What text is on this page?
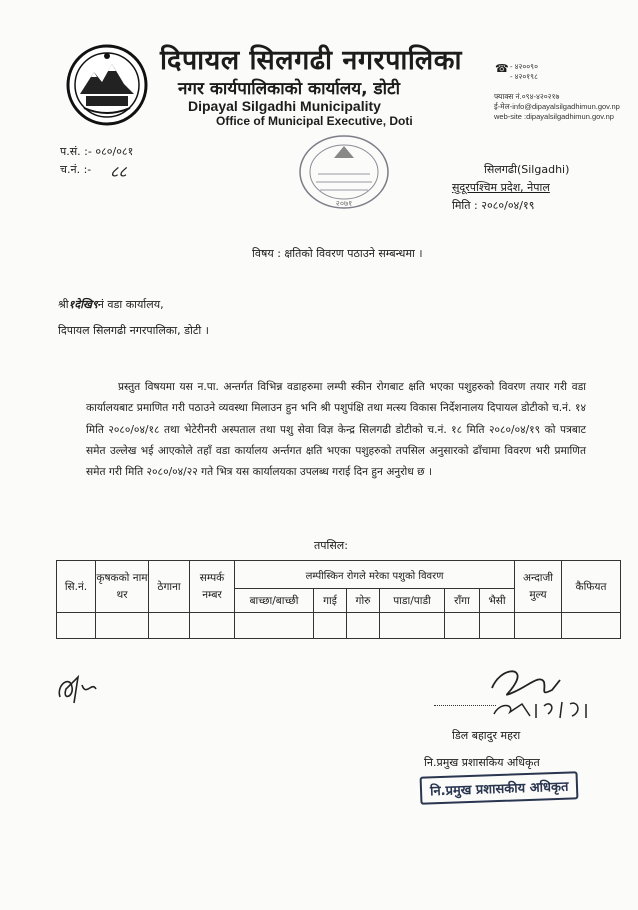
दिपायल सिलगढी नगरपालिका
नगर कार्यपालिकाको कार्यालय, डोटी
Dipayal Silgadhi Municipality
Office of Municipal Executive, Doti
☎ - ४२००९०
- ४२०१९८
फ्याक्स नं.०९४-४२०२१७
ई-मेल-info@dipayalsilgadhimun.gov.np
web-site :dipayalsilgadhimun.gov.np
प.सं. :- ०८०/०८१
च.नं. :- ८८
२०७१
सिलगढी(Silgadhi)
सुदूरपश्चिम प्रदेश, नेपाल
मिति : २०८०/०४/१९
विषय : क्षतिको विवरण पठाउने सम्बन्धमा ।
श्री१देखि९नं वडा कार्यालय,
दिपायल सिलगढी नगरपालिका, डोटी ।
प्रस्तुत विषयमा यस न.पा. अन्तर्गत विभिन्न वडाहरुमा लम्पी स्कीन रोगबाट क्षति भएका पशुहरुको विवरण तयार गरी वडा कार्यालयबाट प्रमाणित गरी पठाउने व्यवस्था मिलाउन हुन भनि श्री पशुपंक्षि तथा मत्स्य विकास निर्देशनालय दिपायल डोटीको च.नं. १४ मिति २०८०/०४/१८ तथा भेटेरीनरी अस्पताल तथा पशु सेवा विज्ञ केन्द्र सिलगढी डोटीको च.नं. १८ मिति २०८०/०४/१९ को पत्रबाट समेत उल्लेख भई आएकोले तहाँ वडा कार्यालय अर्न्तगत क्षति भएका पशुहरुको तपसिल अनुसारको ढाँचामा विवरण भरी प्रमाणित समेत गरी मिति २०८०/०४/२२ गते भित्र यस कार्यालयका उपलब्ध गराई दिन हुन अनुरोध छ ।
तपसिल:
सि.नं.	कृषकको नाम थर	ठेगाना	सम्पर्क नम्बर	लम्पीस्किन रोगले मरेका पशुको विवरण						अन्दाजी मुल्य	कैफियत
				बाच्छा/बाच्छी	गाई	गोरु	पाडा/पाडी	राँगा	भैसी		

डिल बहादुर महरा
नि.प्रमुख प्रशासकिय अधिकृत
नि.प्रमुख प्रशासकीय अधिकृत
